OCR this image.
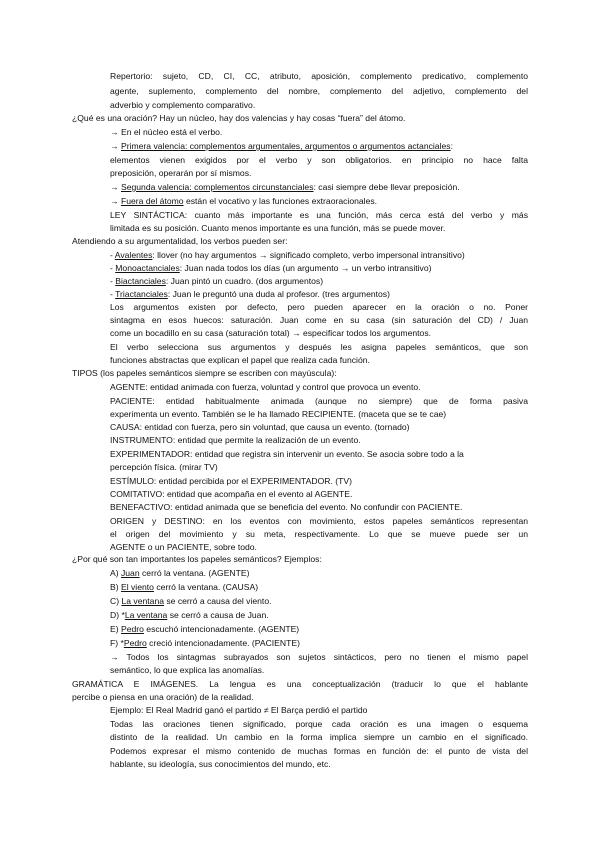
Repertorio: sujeto, CD, CI, CC, atributo, aposición, complemento predicativo, complemento
agente, suplemento, complemento del nombre, complemento del adjetivo, complemento del
adverbio y complemento comparativo.
¿Qué es una oración? Hay un núcleo, hay dos valencias y hay cosas “fuera” del átomo.
→ En el núcleo está el verbo.
→ Primera valencia: complementos argumentales, argumentos o argumentos actanciales:
elementos vienen exigidos por el verbo y son obligatorios. en principio no hace falta
preposición, operarán por sí mismos.
→ Segunda valencia: complementos circunstanciales: casi siempre debe llevar preposición.
→ Fuera del átomo están el vocativo y las funciones extraoracionales.
LEY SINTÁCTICA: cuanto más importante es una función, más cerca está del verbo y más
limitada es su posición. Cuanto menos importante es una función, más se puede mover.
Atendiendo a su argumentalidad, los verbos pueden ser:
- Avalentes: llover (no hay argumentos → significado completo, verbo impersonal intransitivo)
- Monoactanciales: Juan nada todos los días (un argumento → un verbo intransitivo)
- Biactanciales: Juan pintó un cuadro. (dos argumentos)
- Triactanciales: Juan le preguntó una duda al profesor. (tres argumentos)
Los argumentos existen por defecto, pero pueden aparecer en la oración o no. Poner
sintagma en esos huecos: saturación. Juan come en su casa (sin saturación del CD) / Juan
come un bocadillo en su casa (saturación total) → especificar todos los argumentos.
El verbo selecciona sus argumentos y después les asigna papeles semánticos, que son
funciones abstractas que explican el papel que realiza cada función.
TIPOS (los papeles semánticos siempre se escriben con mayúscula):
AGENTE: entidad animada con fuerza, voluntad y control que provoca un evento.
PACIENTE: entidad habitualmente animada (aunque no siempre) que de forma pasiva
experimenta un evento. También se le ha llamado RECIPIENTE. (maceta que se te cae)
CAUSA: entidad con fuerza, pero sin voluntad, que causa un evento. (tornado)
INSTRUMENTO: entidad que permite la realización de un evento.
EXPERIMENTADOR: entidad que registra sin intervenir un evento. Se asocia sobre todo a la
percepción física. (mirar TV)
ESTÍMULO: entidad percibida por el EXPERIMENTADOR. (TV)
COMITATIVO: entidad que acompaña en el evento al AGENTE.
BENEFACTIVO: entidad animada que se beneficia del evento. No confundir con PACIENTE.
ORIGEN y DESTINO: en los eventos con movimiento, estos papeles semánticos representan
el origen del movimiento y su meta, respectivamente. Lo que se mueve puede ser un
AGENTE o un PACIENTE, sobre todo.
¿Por qué son tan importantes los papeles semánticos? Ejemplos:
A) Juan cerró la ventana. (AGENTE)
B) El viento cerró la ventana. (CAUSA)
C) La ventana se cerró a causa del viento.
D) *La ventana se cerró a causa de Juan.
E) Pedro escuchó intencionadamente. (AGENTE)
F) *Pedro creció intencionadamente. (PACIENTE)
→ Todos los sintagmas subrayados son sujetos sintácticos, pero no tienen el mismo papel
semántico, lo que explica las anomalías.
GRAMÁTICA E IMÁGENES. La lengua es una conceptualización (traducir lo que el hablante
percibe o piensa en una oración) de la realidad.
Ejemplo: El Real Madrid ganó el partido ≠ El Barça perdió el partido
Todas las oraciones tienen significado, porque cada oración es una imagen o esquema
distinto de la realidad. Un cambio en la forma implica siempre un cambio en el significado.
Podemos expresar el mismo contenido de muchas formas en función de: el punto de vista del
hablante, su ideología, sus conocimientos del mundo, etc.
